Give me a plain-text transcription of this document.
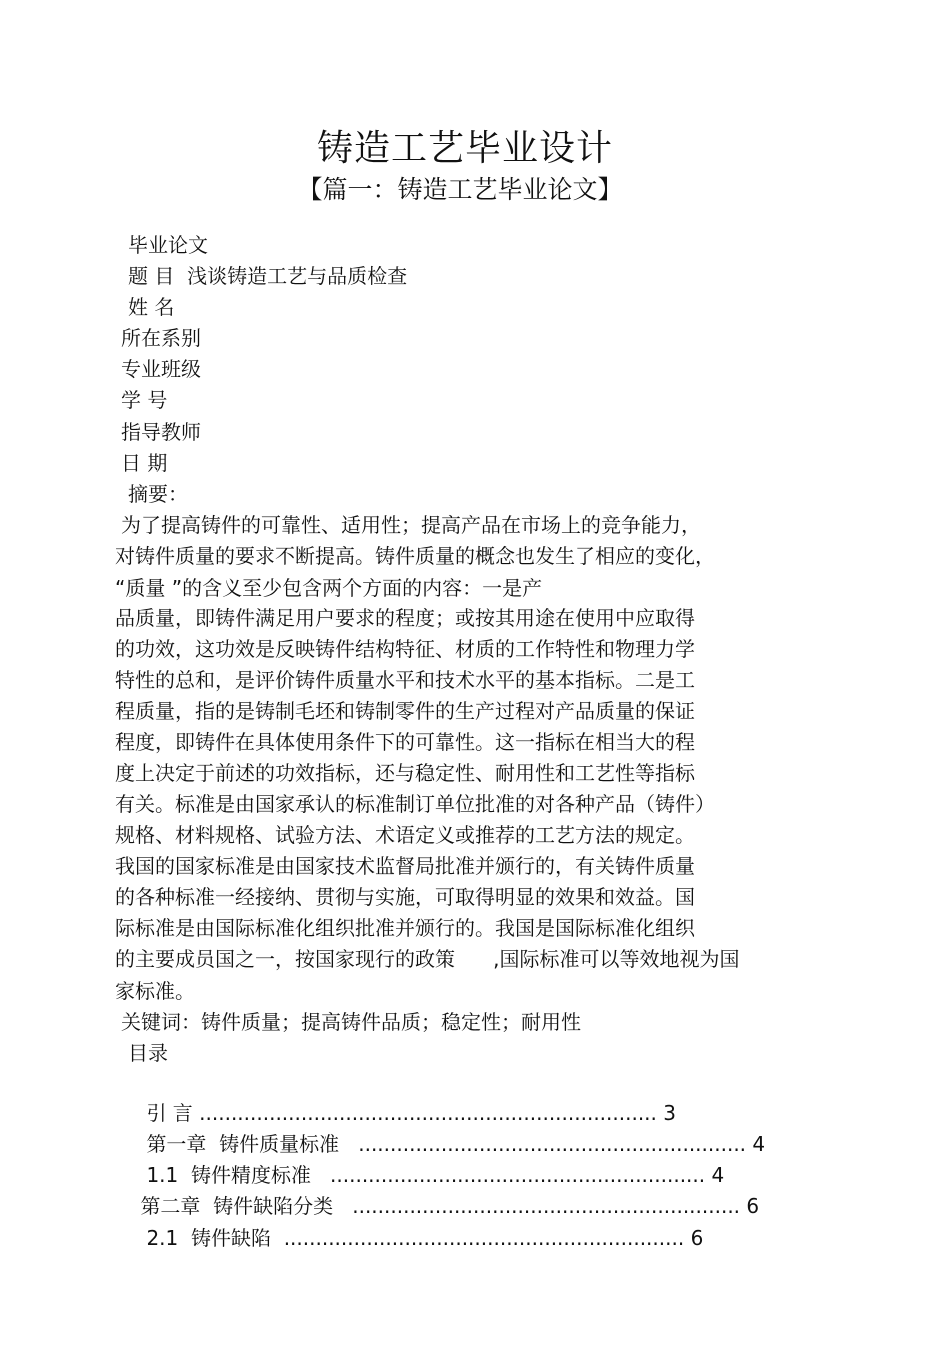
铸造工艺毕业设计
【篇一：铸造工艺毕业论文】
毕业论文
题 目  浅谈铸造工艺与品质检查
姓 名
所在系别
专业班级
学 号
指导教师
日 期
摘要：
为了提高铸件的可靠性、适用性；提高产品在市场上的竞争能力，
对铸件质量的要求不断提高。铸件质量的概念也发生了相应的变化，
“质量 ”的含义至少包含两个方面的内容：一是产
品质量，即铸件满足用户要求的程度；或按其用途在使用中应取得
的功效，这功效是反映铸件结构特征、材质的工作特性和物理力学
特性的总和，是评价铸件质量水平和技术水平的基本指标。二是工
程质量，指的是铸制毛坯和铸制零件的生产过程对产品质量的保证
程度，即铸件在具体使用条件下的可靠性。这一指标在相当大的程
度上决定于前述的功效指标，还与稳定性、耐用性和工艺性等指标
有关。标准是由国家承认的标准制订单位批准的对各种产品（铸件）
规格、材料规格、试验方法、术语定义或推荐的工艺方法的规定。
我国的国家标准是由国家技术监督局批准并颁行的，有关铸件质量
的各种标准一经接纳、贯彻与实施，可取得明显的效果和效益。国
际标准是由国际标准化组织批准并颁行的。我国是国际标准化组织
的主要成员国之一，按国家现行的政策      ,国际标准可以等效地视为国
家标准。
关键词：铸件质量；提高铸件品质；稳定性；耐用性
目录

引 言 ........................................................................ 3

第一章  铸件质量标准   ............................................................. 4

1.1  铸件精度标准   ........................................................... 4

第二章  铸件缺陷分类   ............................................................. 6

2.1  铸件缺陷  ............................................................... 6
